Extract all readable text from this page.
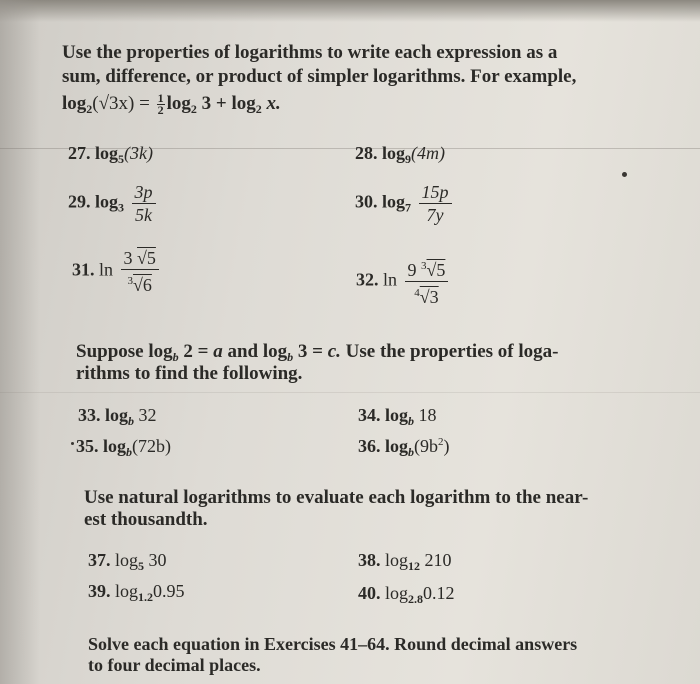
Use the properties of logarithms to write each expression as a
sum, difference, or product of simpler logarithms. For example,
$\log_2(√3x) = \frac{1}{2} \log_2 3 + \log_2 x$.
27. $\log_5(3k)$	28. $\log_9(4m)$
29. $\log_3 \frac{3p}{5k}$	30. $\log_7 \frac{15p}{7y}$
31. $\ln \frac{3 √5}{^3√6}$	32. $\ln \frac{9 ^3√5}{^4√3}$
Suppose $\log_b 2 = a$ and $\log_b 3 = c$. Use the properties of loga-
rithms to find the following.
33. $\log_b 32$	34. $\log_b 18$
35. $\log_b(72b)$	36. $\log_b(9b^2)$
Use natural logarithms to evaluate each logarithm to the near-
est thousandth.
37. $\log_5 30$	38. $\log_{12} 210$
39. $\log_{1.2}0.95$	40. $\log_{2.8}0.12$
Solve each equation in Exercises 41–64. Round decimal answers
to four decimal places.
